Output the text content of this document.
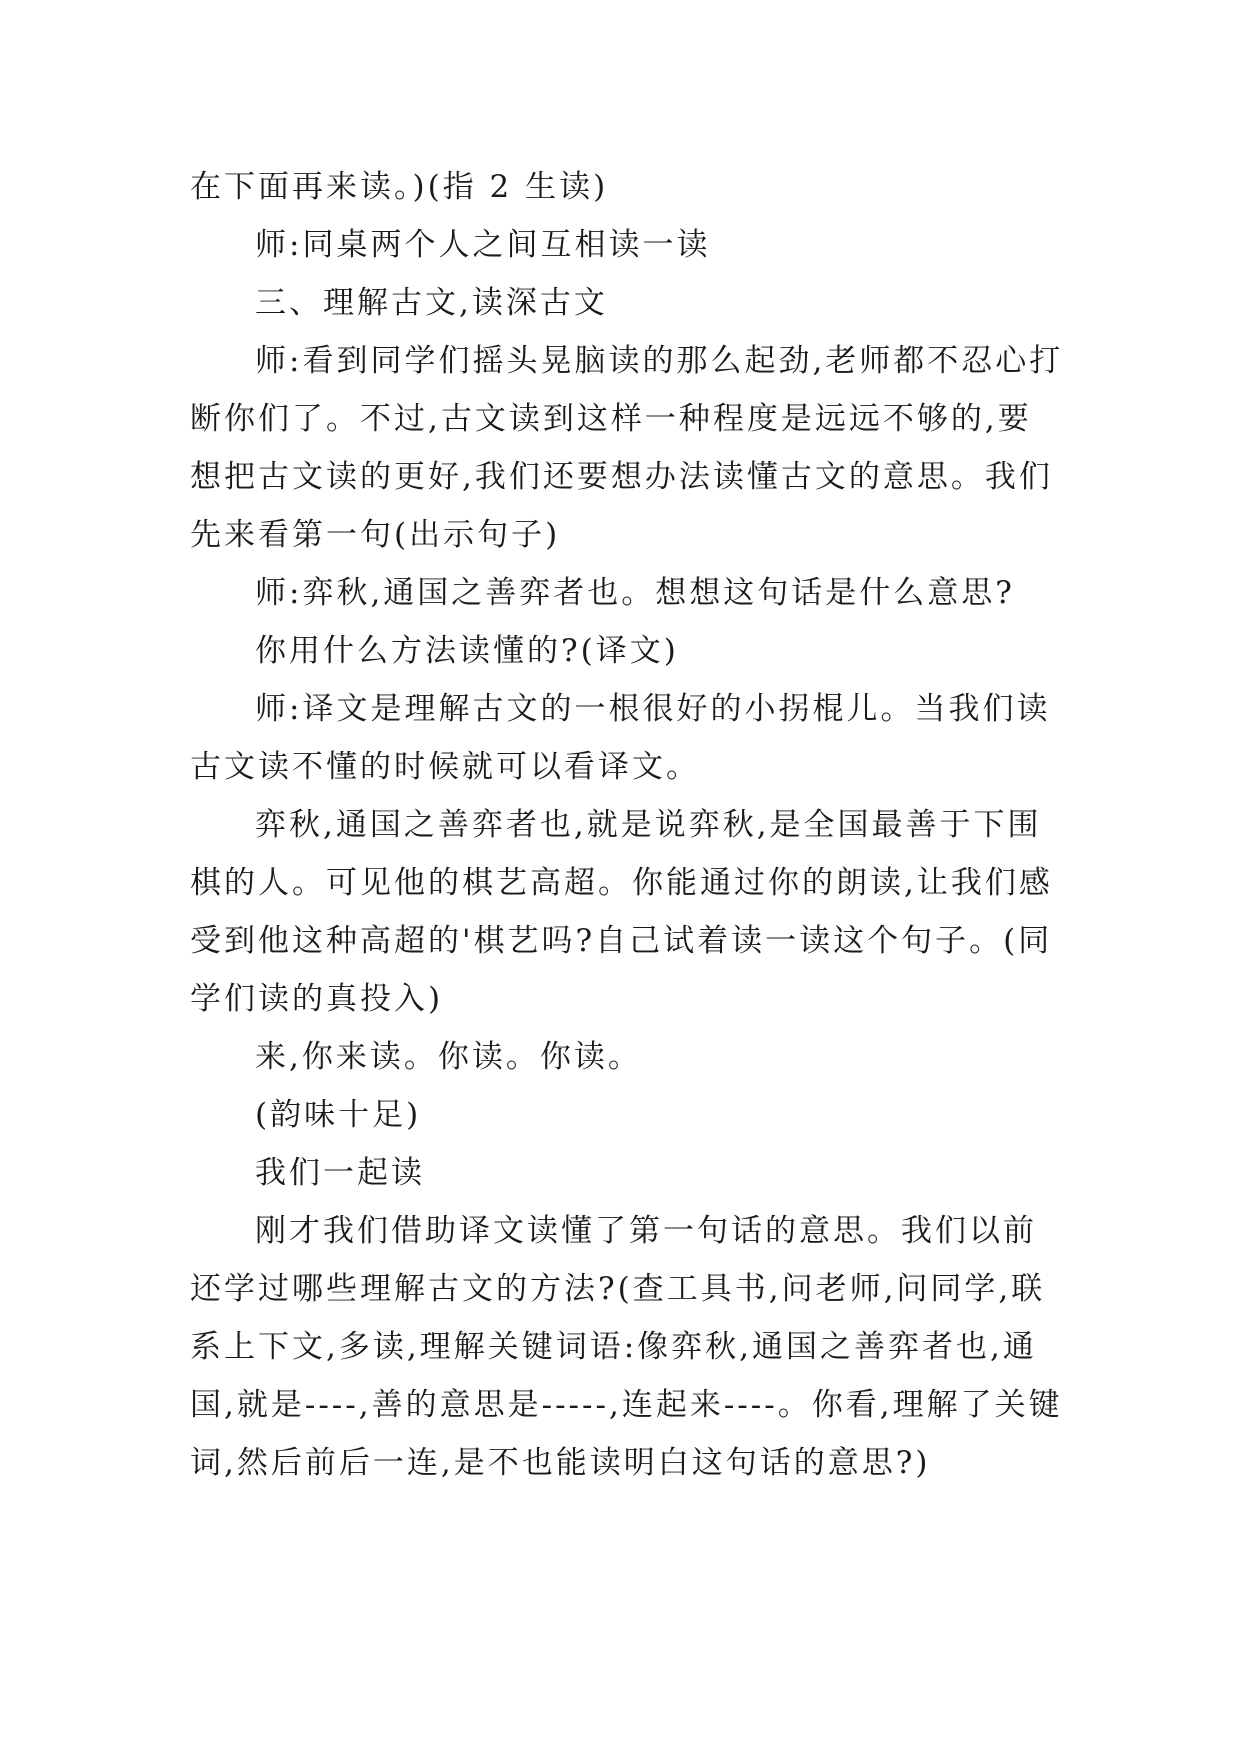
在下面再来读。)(指 2 生读)

师:同桌两个人之间互相读一读

三、理解古文,读深古文

师:看到同学们摇头晃脑读的那么起劲,老师都不忍心打断你们了。不过,古文读到这样一种程度是远远不够的,要想把古文读的更好,我们还要想办法读懂古文的意思。我们先来看第一句(出示句子)

师:弈秋,通国之善弈者也。想想这句话是什么意思?

你用什么方法读懂的?(译文)

师:译文是理解古文的一根很好的小拐棍儿。当我们读古文读不懂的时候就可以看译文。

弈秋,通国之善弈者也,就是说弈秋,是全国最善于下围棋的人。可见他的棋艺高超。你能通过你的朗读,让我们感受到他这种高超的'棋艺吗?自己试着读一读这个句子。(同学们读的真投入)

来,你来读。你读。你读。

(韵味十足)

我们一起读

刚才我们借助译文读懂了第一句话的意思。我们以前还学过哪些理解古文的方法?(查工具书,问老师,问同学,联系上下文,多读,理解关键词语:像弈秋,通国之善弈者也,通国,就是----,善的意思是-----,连起来----。你看,理解了关键词,然后前后一连,是不也能读明白这句话的意思?)
